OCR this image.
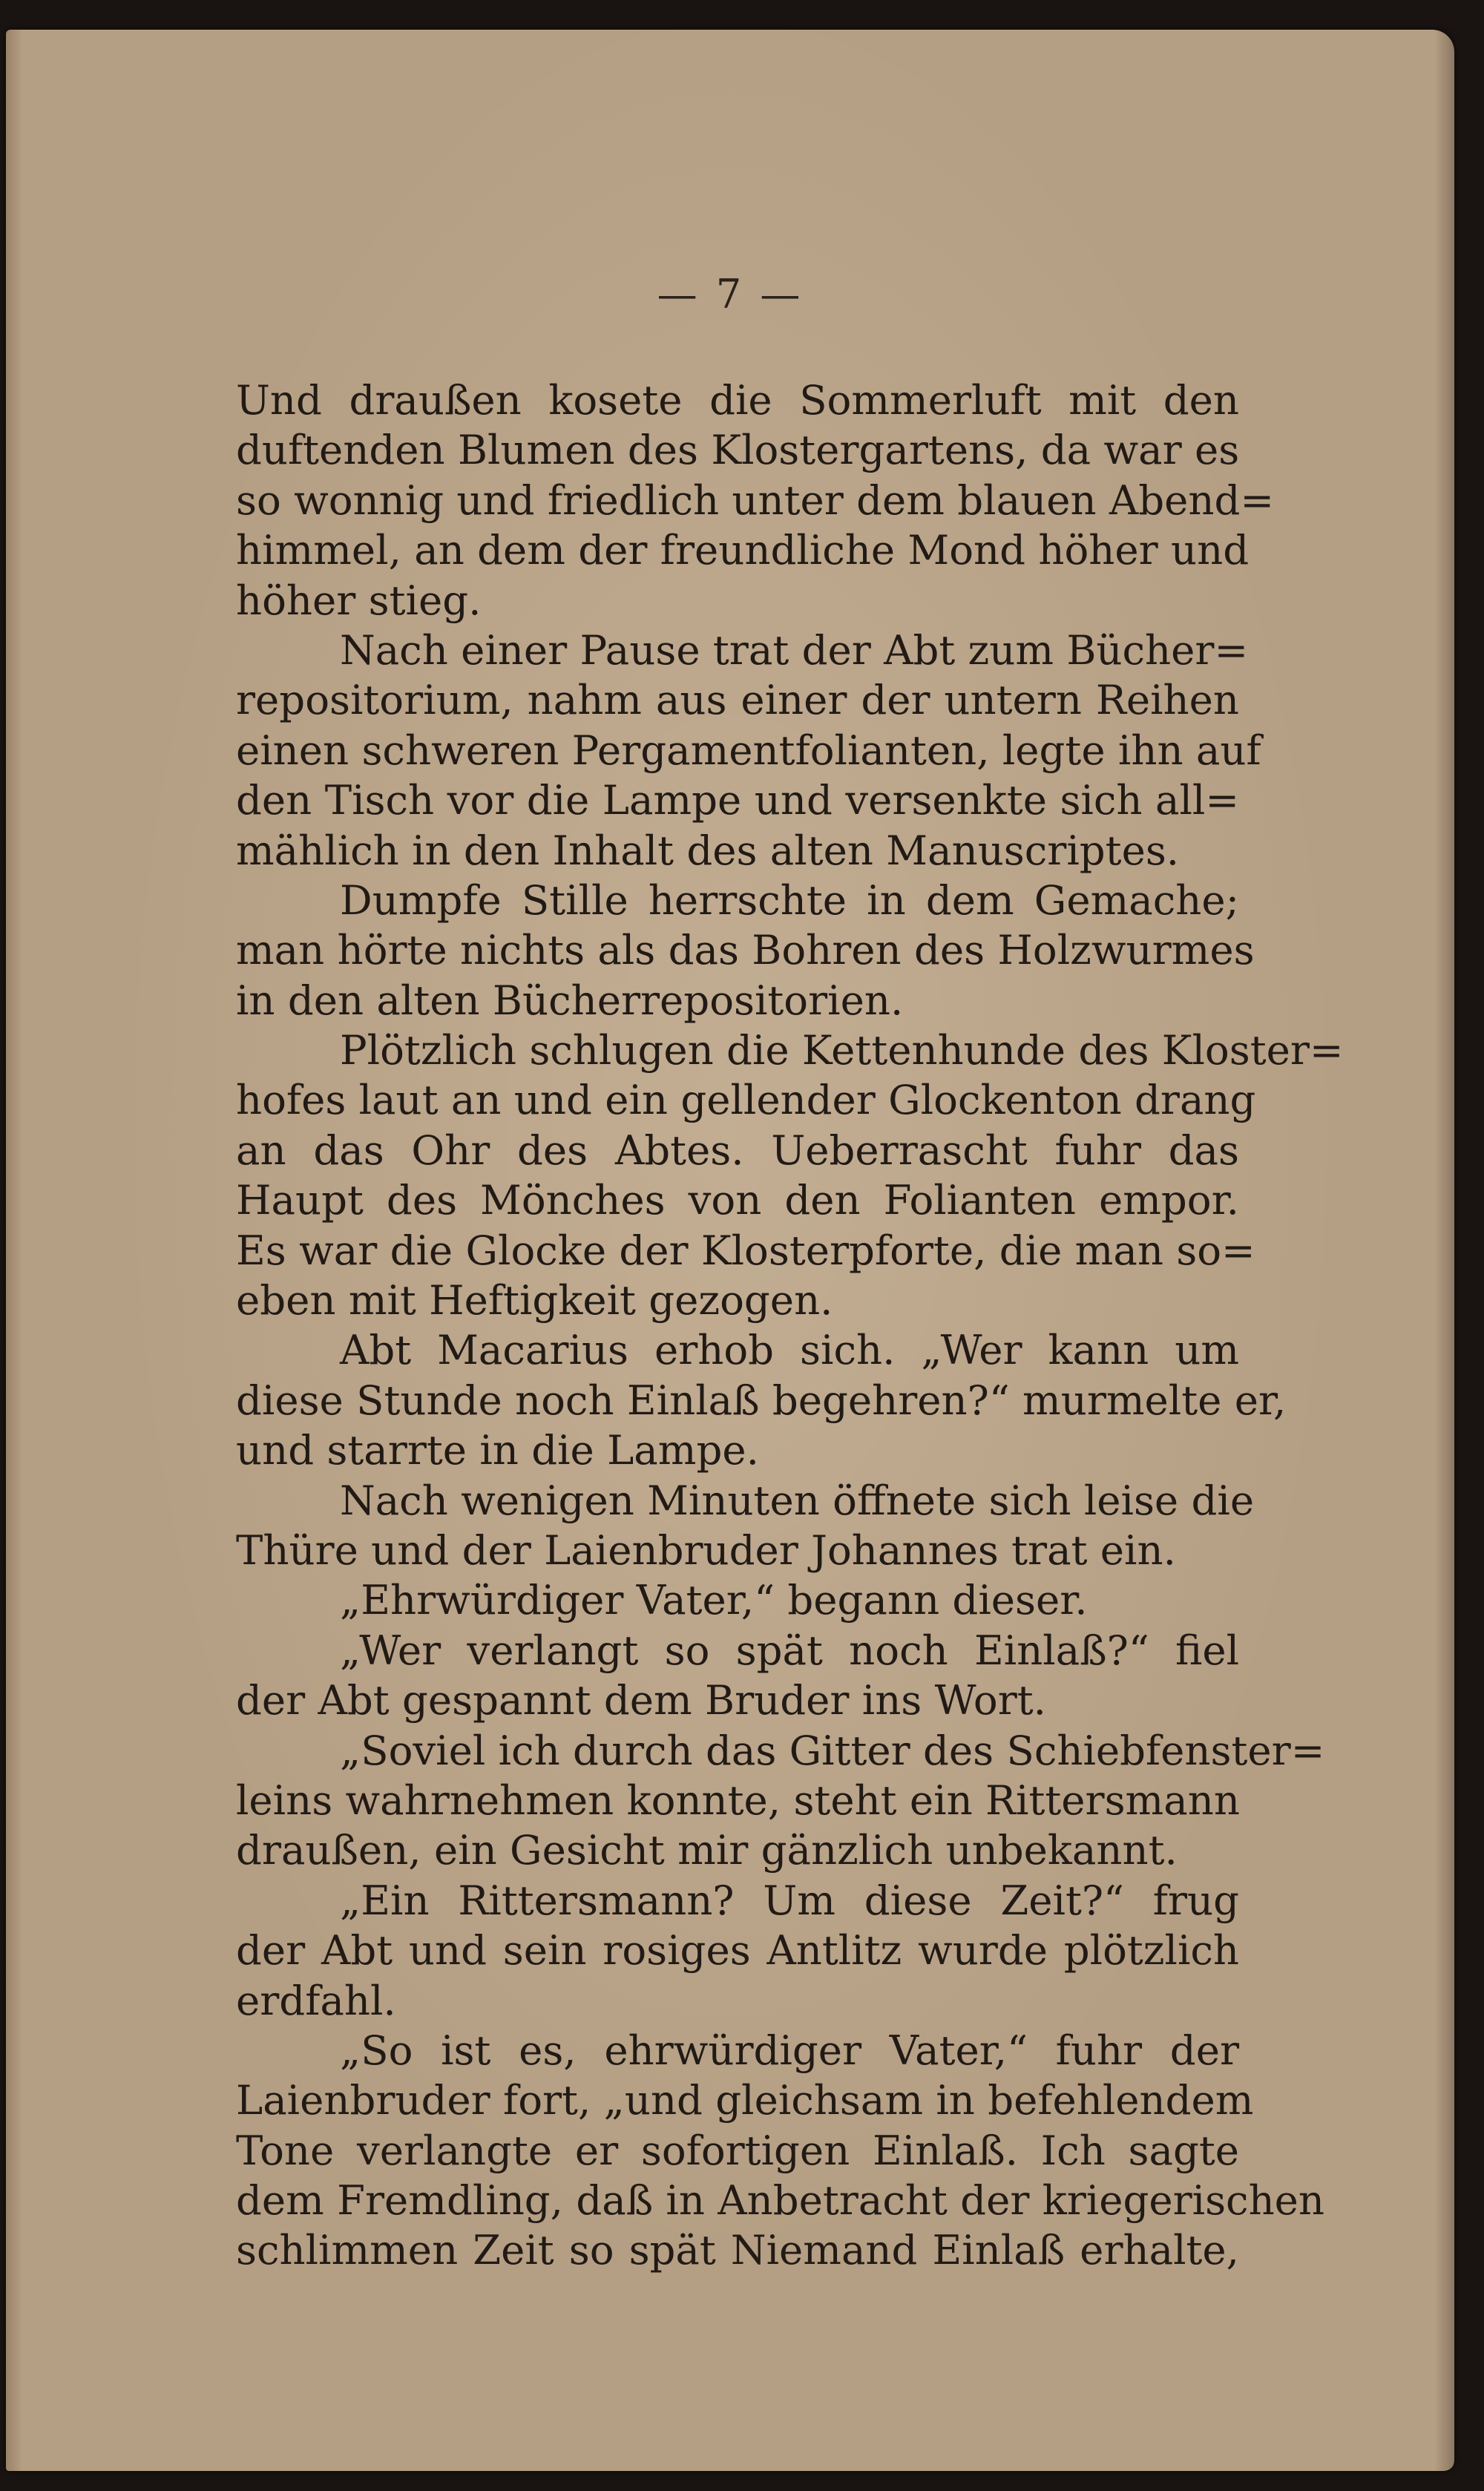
— 7 —
Und draußen kosete die Sommerluft mit den
duftenden Blumen des Klostergartens, da war es
so wonnig und friedlich unter dem blauen Abend=
himmel, an dem der freundliche Mond höher und
höher stieg.
Nach einer Pause trat der Abt zum Bücher=
repositorium, nahm aus einer der untern Reihen
einen schweren Pergamentfolianten, legte ihn auf
den Tisch vor die Lampe und versenkte sich all=
mählich in den Inhalt des alten Manuscriptes.
Dumpfe Stille herrschte in dem Gemache;
man hörte nichts als das Bohren des Holzwurmes
in den alten Bücherrepositorien.
Plötzlich schlugen die Kettenhunde des Kloster=
hofes laut an und ein gellender Glockenton drang
an das Ohr des Abtes. Ueberrascht fuhr das
Haupt des Mönches von den Folianten empor.
Es war die Glocke der Klosterpforte, die man so=
eben mit Heftigkeit gezogen.
Abt Macarius erhob sich. „Wer kann um
diese Stunde noch Einlaß begehren?“ murmelte er,
und starrte in die Lampe.
Nach wenigen Minuten öffnete sich leise die
Thüre und der Laienbruder Johannes trat ein.
„Ehrwürdiger Vater,“ begann dieser.
„Wer verlangt so spät noch Einlaß?“ fiel
der Abt gespannt dem Bruder ins Wort.
„Soviel ich durch das Gitter des Schiebfenster=
leins wahrnehmen konnte, steht ein Rittersmann
draußen, ein Gesicht mir gänzlich unbekannt.
„Ein Rittersmann? Um diese Zeit?“ frug
der Abt und sein rosiges Antlitz wurde plötzlich
erdfahl.
„So ist es, ehrwürdiger Vater,“ fuhr der
Laienbruder fort, „und gleichsam in befehlendem
Tone verlangte er sofortigen Einlaß. Ich sagte
dem Fremdling, daß in Anbetracht der kriegerischen
schlimmen Zeit so spät Niemand Einlaß erhalte,
